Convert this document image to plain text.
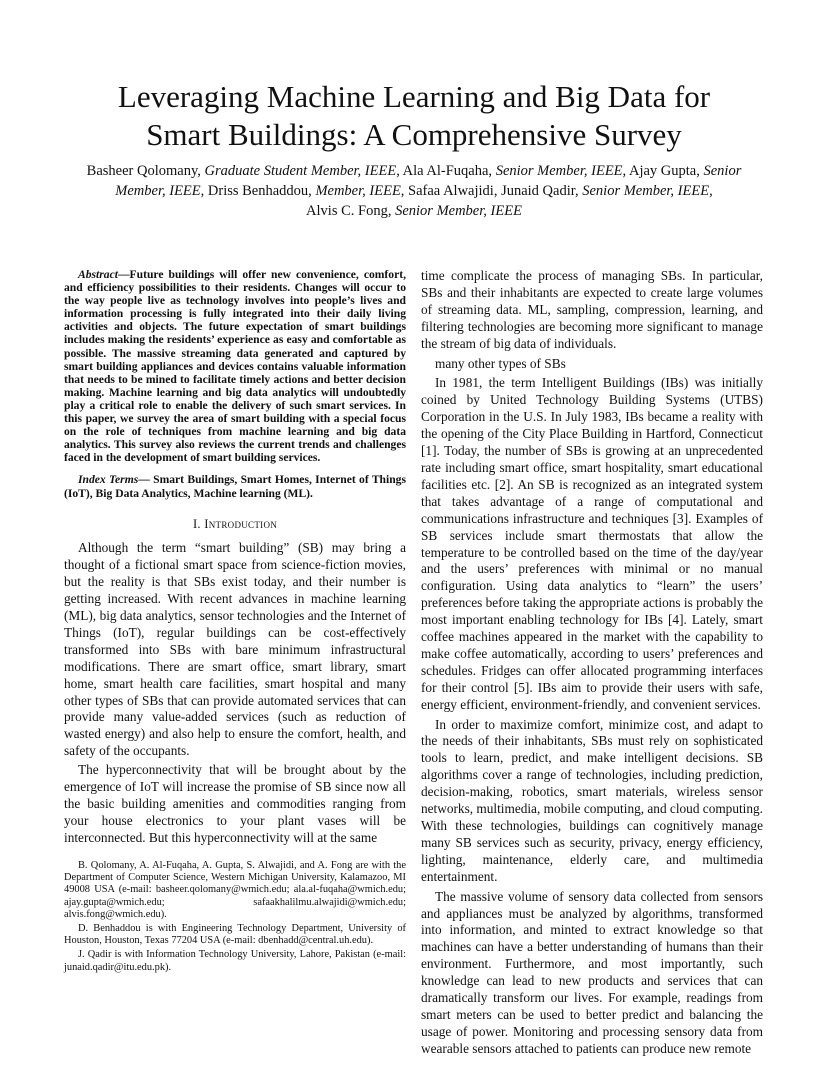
Leveraging Machine Learning and Big Data for
Smart Buildings: A Comprehensive Survey

Basheer Qolomany, Graduate Student Member, IEEE, Ala Al-Fuqaha, Senior Member, IEEE, Ajay Gupta, Senior Member, IEEE, Driss Benhaddou, Member, IEEE, Safaa Alwajidi, Junaid Qadir, Senior Member, IEEE,
Alvis C. Fong, Senior Member, IEEE

Abstract—Future buildings will offer new convenience, comfort, and efficiency possibilities to their residents. Changes will occur to the way people live as technology involves into people’s lives and information processing is fully integrated into their daily living activities and objects. The future expectation of smart buildings includes making the residents’ experience as easy and comfortable as possible. The massive streaming data generated and captured by smart building appliances and devices contains valuable information that needs to be mined to facilitate timely actions and better decision making. Machine learning and big data analytics will undoubtedly play a critical role to enable the delivery of such smart services. In this paper, we survey the area of smart building with a special focus on the role of techniques from machine learning and big data analytics. This survey also reviews the current trends and challenges faced in the development of smart building services.

Index Terms— Smart Buildings, Smart Homes, Internet of Things (IoT), Big Data Analytics, Machine learning (ML).

I. Introduction

Although the term “smart building” (SB) may bring a thought of a fictional smart space from science-fiction movies, but the reality is that SBs exist today, and their number is getting increased. With recent advances in machine learning (ML), big data analytics, sensor technologies and the Internet of Things (IoT), regular buildings can be cost-effectively transformed into SBs with bare minimum infrastructural modifications. There are smart office, smart library, smart home, smart health care facilities, smart hospital and many other types of SBs that can provide automated services that can provide many value-added services (such as reduction of wasted energy) and also help to ensure the comfort, health, and safety of the occupants.

The hyperconnectivity that will be brought about by the emergence of IoT will increase the promise of SB since now all the basic building amenities and commodities ranging from your house electronics to your plant vases will be interconnected. But this hyperconnectivity will at the same

B. Qolomany, A. Al-Fuqaha, A. Gupta, S. Alwajidi, and A. Fong are with the Department of Computer Science, Western Michigan University, Kalamazoo, MI 49008 USA (e-mail: basheer.qolomany@wmich.edu; ala.al-fuqaha@wmich.edu; ajay.gupta@wmich.edu; safaakhalilmu.alwajidi@wmich.edu; alvis.fong@wmich.edu).

D. Benhaddou is with Engineering Technology Department, University of Houston, Houston, Texas 77204 USA (e-mail: dbenhadd@central.uh.edu).

J. Qadir is with Information Technology University, Lahore, Pakistan (e-mail: junaid.qadir@itu.edu.pk).

time complicate the process of managing SBs. In particular, SBs and their inhabitants are expected to create large volumes of streaming data. ML, sampling, compression, learning, and filtering technologies are becoming more significant to manage the stream of big data of individuals.

many other types of SBs

In 1981, the term Intelligent Buildings (IBs) was initially coined by United Technology Building Systems (UTBS) Corporation in the U.S. In July 1983, IBs became a reality with the opening of the City Place Building in Hartford, Connecticut [1]. Today, the number of SBs is growing at an unprecedented rate including smart office, smart hospitality, smart educational facilities etc. [2]. An SB is recognized as an integrated system that takes advantage of a range of computational and communications infrastructure and techniques [3]. Examples of SB services include smart thermostats that allow the temperature to be controlled based on the time of the day/year and the users’ preferences with minimal or no manual configuration. Using data analytics to “learn” the users’ preferences before taking the appropriate actions is probably the most important enabling technology for IBs [4]. Lately, smart coffee machines appeared in the market with the capability to make coffee automatically, according to users’ preferences and schedules. Fridges can offer allocated programming interfaces for their control [5]. IBs aim to provide their users with safe, energy efficient, environment-friendly, and convenient services.

In order to maximize comfort, minimize cost, and adapt to the needs of their inhabitants, SBs must rely on sophisticated tools to learn, predict, and make intelligent decisions. SB algorithms cover a range of technologies, including prediction, decision-making, robotics, smart materials, wireless sensor networks, multimedia, mobile computing, and cloud computing. With these technologies, buildings can cognitively manage many SB services such as security, privacy, energy efficiency, lighting, maintenance, elderly care, and multimedia entertainment.

The massive volume of sensory data collected from sensors and appliances must be analyzed by algorithms, transformed into information, and minted to extract knowledge so that machines can have a better understanding of humans than their environment. Furthermore, and most importantly, such knowledge can lead to new products and services that can dramatically transform our lives. For example, readings from smart meters can be used to better predict and balancing the usage of power. Monitoring and processing sensory data from wearable sensors attached to patients can produce new remote
